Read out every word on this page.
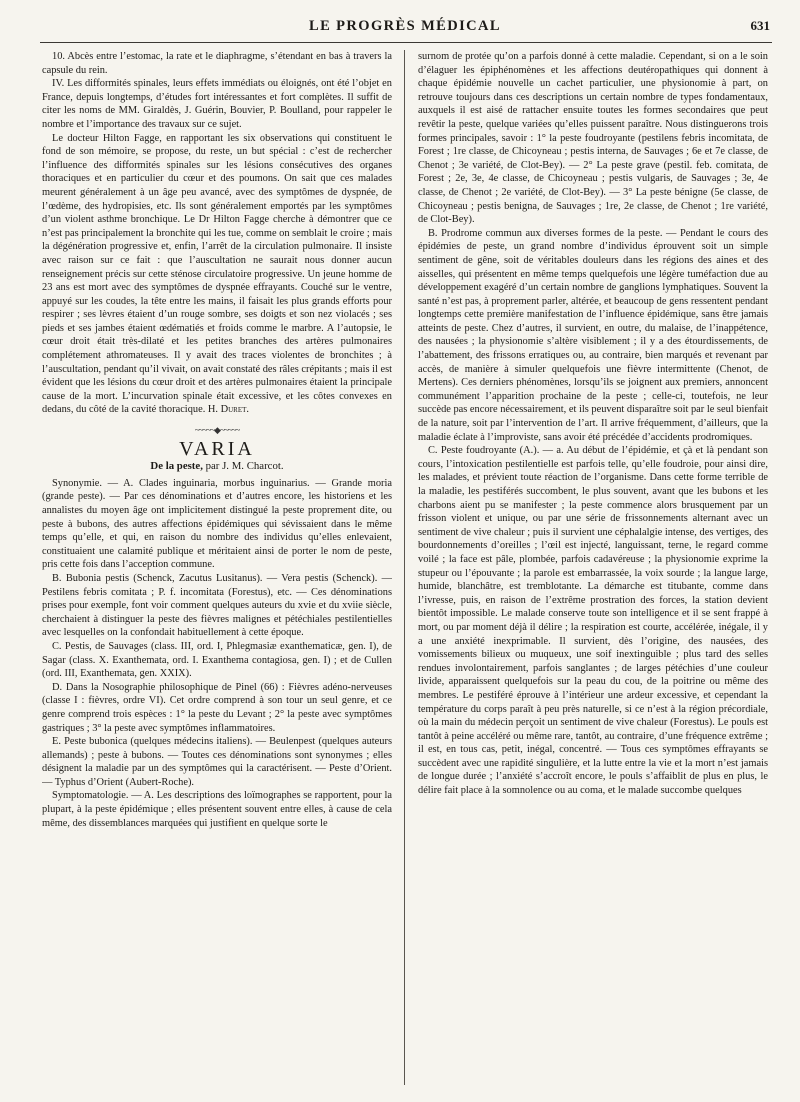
LE PROGRÈS MÉDICAL	631

10. Abcès entre l’estomac, la rate et le diaphragme, s’étendant en bas à travers la capsule du rein.

IV. Les difformités spinales, leurs effets immédiats ou éloignés, ont été l’objet en France, depuis longtemps, d’études fort intéressantes et fort complètes. Il suffit de citer les noms de MM. Giraldès, J. Guérin, Bouvier, P. Boulland, pour rappeler le nombre et l’importance des travaux sur ce sujet.

Le docteur Hilton Fagge, en rapportant les six observations qui constituent le fond de son mémoire, se propose, du reste, un but spécial : c’est de rechercher l’influence des difformités spinales sur les lésions consécutives des organes thoraciques et en particulier du cœur et des poumons. On sait que ces malades meurent généralement à un âge peu avancé, avec des symptômes de dyspnée, de l’œdème, des hydropisies, etc. Ils sont généralement emportés par les symptômes d’un violent asthme bronchique. Le Dr Hilton Fagge cherche à démontrer que ce n’est pas principalement la bronchite qui les tue, comme on semblait le croire ; mais la dégénération progressive et, enfin, l’arrêt de la circulation pulmonaire. Il insiste avec raison sur ce fait : que l’auscultation ne saurait nous donner aucun renseignement précis sur cette sténose circulatoire progressive. Un jeune homme de 23 ans est mort avec des symptômes de dyspnée effrayants. Couché sur le ventre, appuyé sur les coudes, la tête entre les mains, il faisait les plus grands efforts pour respirer ; ses lèvres étaient d’un rouge sombre, ses doigts et son nez violacés ; ses pieds et ses jambes étaient œdématiés et froids comme le marbre. A l’autopsie, le cœur droit était très-dilaté et les petites branches des artères pulmonaires complétement athromateuses. Il y avait des traces violentes de bronchites ; à l’auscultation, pendant qu’il vivait, on avait constaté des râles crépitants ; mais il est évident que les lésions du cœur droit et des artères pulmonaires étaient la principale cause de la mort. L’incurvation spinale était excessive, et les côtes convexes en dedans, du côté de la cavité thoracique. H. Duret.

~~~~~◆~~~~~
VARIA

De la peste, par J. M. Charcot.

Synonymie. — A. Clades inguinaria, morbus inguinarius. — Grande moria (grande peste). — Par ces dénominations et d’autres encore, les historiens et les annalistes du moyen âge ont implicitement distingué la peste proprement dite, ou peste à bubons, des autres affections épidémiques qui sévissaient dans le même temps qu’elle, et qui, en raison du nombre des individus qu’elles enlevaient, constituaient une calamité publique et méritaient ainsi de porter le nom de peste, pris cette fois dans l’acception commune.

B. Bubonia pestis (Schenck, Zacutus Lusitanus). — Vera pestis (Schenck). — Pestilens febris comitata ; P. f. incomitata (Forestus), etc. — Ces dénominations prises pour exemple, font voir comment quelques auteurs du xvie et du xviie siècle, cherchaient à distinguer la peste des fièvres malignes et pétéchiales pestilentielles avec lesquelles on la confondait habituellement à cette époque.

C. Pestis, de Sauvages (class. III, ord. I, Phlegmasiæ exanthematicæ, gen. I), de Sagar (class. X. Exanthemata, ord. I. Exanthema contagiosa, gen. I) ; et de Cullen (ord. III, Exanthemata, gen. XXIX).

D. Dans la Nosographie philosophique de Pinel (66) : Fièvres adéno-nerveuses (classe I : fièvres, ordre VI). Cet ordre comprend à son tour un seul genre, et ce genre comprend trois espèces : 1° la peste du Levant ; 2° la peste avec symptômes gastriques ; 3° la peste avec symptômes inflammatoires.

E. Peste bubonica (quelques médecins italiens). — Beulenpest (quelques auteurs allemands) ; peste à bubons. — Toutes ces dénominations sont synonymes ; elles désignent la maladie par un des symptômes qui la caractérisent. — Peste d’Orient. — Typhus d’Orient (Aubert-Roche).

Symptomatologie. — A. Les descriptions des loïmographes se rapportent, pour la plupart, à la peste épidémique ; elles présentent souvent entre elles, à cause de cela même, des dissemblances marquées qui justifient en quelque sorte le

surnom de protée qu’on a parfois donné à cette maladie. Cependant, si on a le soin d’élaguer les épiphénomènes et les affections deutéropathiques qui donnent à chaque épidémie nouvelle un cachet particulier, une physionomie à part, on retrouve toujours dans ces descriptions un certain nombre de types fondamentaux, auxquels il est aisé de rattacher ensuite toutes les formes secondaires que peut revêtir la peste, quelque variées qu’elles puissent paraître. Nous distinguerons trois formes principales, savoir : 1° la peste foudroyante (pestilens febris incomitata, de Forest ; 1re classe, de Chicoyneau ; pestis interna, de Sauvages ; 6e et 7e classe, de Chenot ; 3e variété, de Clot-Bey). — 2° La peste grave (pestil. feb. comitata, de Forest ; 2e, 3e, 4e classe, de Chicoyneau ; pestis vulgaris, de Sauvages ; 3e, 4e classe, de Chenot ; 2e variété, de Clot-Bey). — 3° La peste bénigne (5e classe, de Chicoyneau ; pestis benigna, de Sauvages ; 1re, 2e classe, de Chenot ; 1re variété, de Clot-Bey).

B. Prodrome commun aux diverses formes de la peste. — Pendant le cours des épidémies de peste, un grand nombre d’individus éprouvent soit un simple sentiment de gêne, soit de véritables douleurs dans les régions des aines et des aisselles, qui présentent en même temps quelquefois une légère tuméfaction due au développement exagéré d’un certain nombre de ganglions lymphatiques. Souvent la santé n’est pas, à proprement parler, altérée, et beaucoup de gens ressentent pendant longtemps cette première manifestation de l’influence épidémique, sans être jamais atteints de peste. Chez d’autres, il survient, en outre, du malaise, de l’inappétence, des nausées ; la physionomie s’altère visiblement ; il y a des étourdissements, de l’abattement, des frissons erratiques ou, au contraire, bien marqués et revenant par accès, de manière à simuler quelquefois une fièvre intermittente (Chenot, de Mertens). Ces derniers phénomènes, lorsqu’ils se joignent aux premiers, annoncent communément l’apparition prochaine de la peste ; celle-ci, toutefois, ne leur succède pas encore nécessairement, et ils peuvent disparaître soit par le seul bienfait de la nature, soit par l’intervention de l’art. Il arrive fréquemment, d’ailleurs, que la maladie éclate à l’improviste, sans avoir été précédée d’accidents prodromiques.

C. Peste foudroyante (A.). — a. Au début de l’épidémie, et çà et là pendant son cours, l’intoxication pestilentielle est parfois telle, qu’elle foudroie, pour ainsi dire, les malades, et prévient toute réaction de l’organisme. Dans cette forme terrible de la maladie, les pestiférés succombent, le plus souvent, avant que les bubons et les charbons aient pu se manifester ; la peste commence alors brusquement par un frisson violent et unique, ou par une série de frissonnements alternant avec un sentiment de vive chaleur ; puis il survient une céphalalgie intense, des vertiges, des bourdonnements d’oreilles ; l’œil est injecté, languissant, terne, le regard comme voilé ; la face est pâle, plombée, parfois cadavéreuse ; la physionomie exprime la stupeur ou l’épouvante ; la parole est embarrassée, la voix sourde ; la langue large, humide, blanchâtre, est tremblotante. La démarche est titubante, comme dans l’ivresse, puis, en raison de l’extrême prostration des forces, la station devient bientôt impossible. Le malade conserve toute son intelligence et il se sent frappé à mort, ou par moment déjà il délire ; la respiration est courte, accélérée, inégale, il y a une anxiété inexprimable. Il survient, dès l’origine, des nausées, des vomissements bilieux ou muqueux, une soif inextinguible ; plus tard des selles rendues involontairement, parfois sanglantes ; de larges pétéchies d’une couleur livide, apparaissent quelquefois sur la peau du cou, de la poitrine ou même des membres. Le pestiféré éprouve à l’intérieur une ardeur excessive, et cependant la température du corps paraît à peu près naturelle, si ce n’est à la région précordiale, où la main du médecin perçoit un sentiment de vive chaleur (Forestus). Le pouls est tantôt à peine accéléré ou même rare, tantôt, au contraire, d’une fréquence extrême ; il est, en tous cas, petit, inégal, concentré. — Tous ces symptômes effrayants se succèdent avec une rapidité singulière, et la lutte entre la vie et la mort n’est jamais de longue durée ; l’anxiété s’accroît encore, le pouls s’affaiblit de plus en plus, le délire fait place à la somnolence ou au coma, et le malade succombe quelques
